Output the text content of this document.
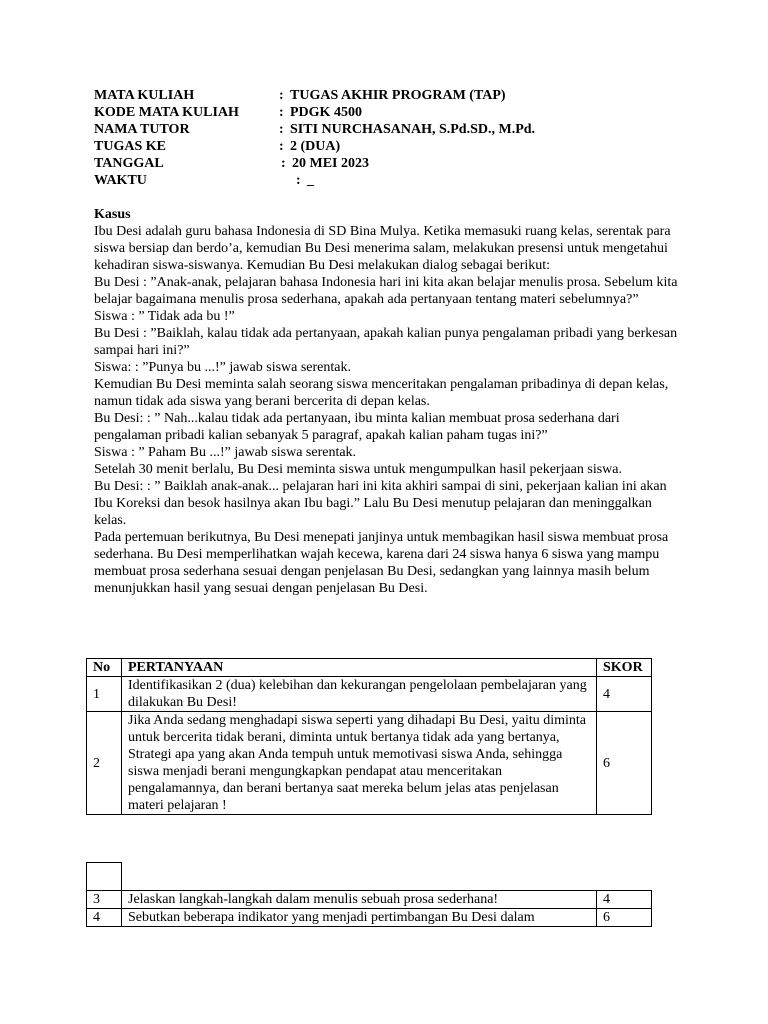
MATA KULIAH	: TUGAS AKHIR PROGRAM (TAP)
KODE MATA KULIAH	: PDGK 4500
NAMA TUTOR	: SITI NURCHASANAH, S.Pd.SD., M.Pd.
TUGAS KE	: 2 (DUA)
TANGGAL	: 20 MEI 2023
WAKTU	: _

Kasus

Ibu Desi adalah guru bahasa Indonesia di SD Bina Mulya. Ketika memasuki ruang kelas, serentak para siswa bersiap dan berdo’a, kemudian Bu Desi menerima salam, melakukan presensi untuk mengetahui kehadiran siswa-siswanya. Kemudian Bu Desi melakukan dialog sebagai berikut:

Bu Desi : ”Anak-anak, pelajaran bahasa Indonesia hari ini kita akan belajar menulis prosa. Sebelum kita belajar bagaimana menulis prosa sederhana, apakah ada pertanyaan tentang materi sebelumnya?”

Siswa : ” Tidak ada bu !”

Bu Desi : ”Baiklah, kalau tidak ada pertanyaan, apakah kalian punya pengalaman pribadi yang berkesan sampai hari ini?”

Siswa: : ”Punya bu ...!” jawab siswa serentak.

Kemudian Bu Desi meminta salah seorang siswa menceritakan pengalaman pribadinya di depan kelas, namun tidak ada siswa yang berani bercerita di depan kelas.

Bu Desi: : ” Nah...kalau tidak ada pertanyaan, ibu minta kalian membuat prosa sederhana dari pengalaman pribadi kalian sebanyak 5 paragraf, apakah kalian paham tugas ini?”

Siswa : ” Paham Bu ...!” jawab siswa serentak.

Setelah 30 menit berlalu, Bu Desi meminta siswa untuk mengumpulkan hasil pekerjaan siswa.

Bu Desi: : ” Baiklah anak-anak... pelajaran hari ini kita akhiri sampai di sini, pekerjaan kalian ini akan Ibu Koreksi dan besok hasilnya akan Ibu bagi.” Lalu Bu Desi menutup pelajaran dan meninggalkan kelas.

Pada pertemuan berikutnya, Bu Desi menepati janjinya untuk membagikan hasil siswa membuat prosa sederhana. Bu Desi memperlihatkan wajah kecewa, karena dari 24 siswa hanya 6 siswa yang mampu membuat prosa sederhana sesuai dengan penjelasan Bu Desi, sedangkan yang lainnya masih belum menunjukkan hasil yang sesuai dengan penjelasan Bu Desi.

No	PERTANYAAN	SKOR
1	Identifikasikan 2 (dua) kelebihan dan kekurangan pengelolaan pembelajaran yang dilakukan Bu Desi!	4
2	Jika Anda sedang menghadapi siswa seperti yang dihadapi Bu Desi, yaitu diminta untuk bercerita tidak berani, diminta untuk bertanya tidak ada yang bertanya, Strategi apa yang akan Anda tempuh untuk memotivasi siswa Anda, sehingga siswa menjadi berani mengungkapkan pendapat atau menceritakan pengalamannya, dan berani bertanya saat mereka belum jelas atas penjelasan materi pelajaran !	6
3	Jelaskan langkah-langkah dalam menulis sebuah prosa sederhana!	4
4	Sebutkan beberapa indikator yang menjadi pertimbangan Bu Desi dalam	6
